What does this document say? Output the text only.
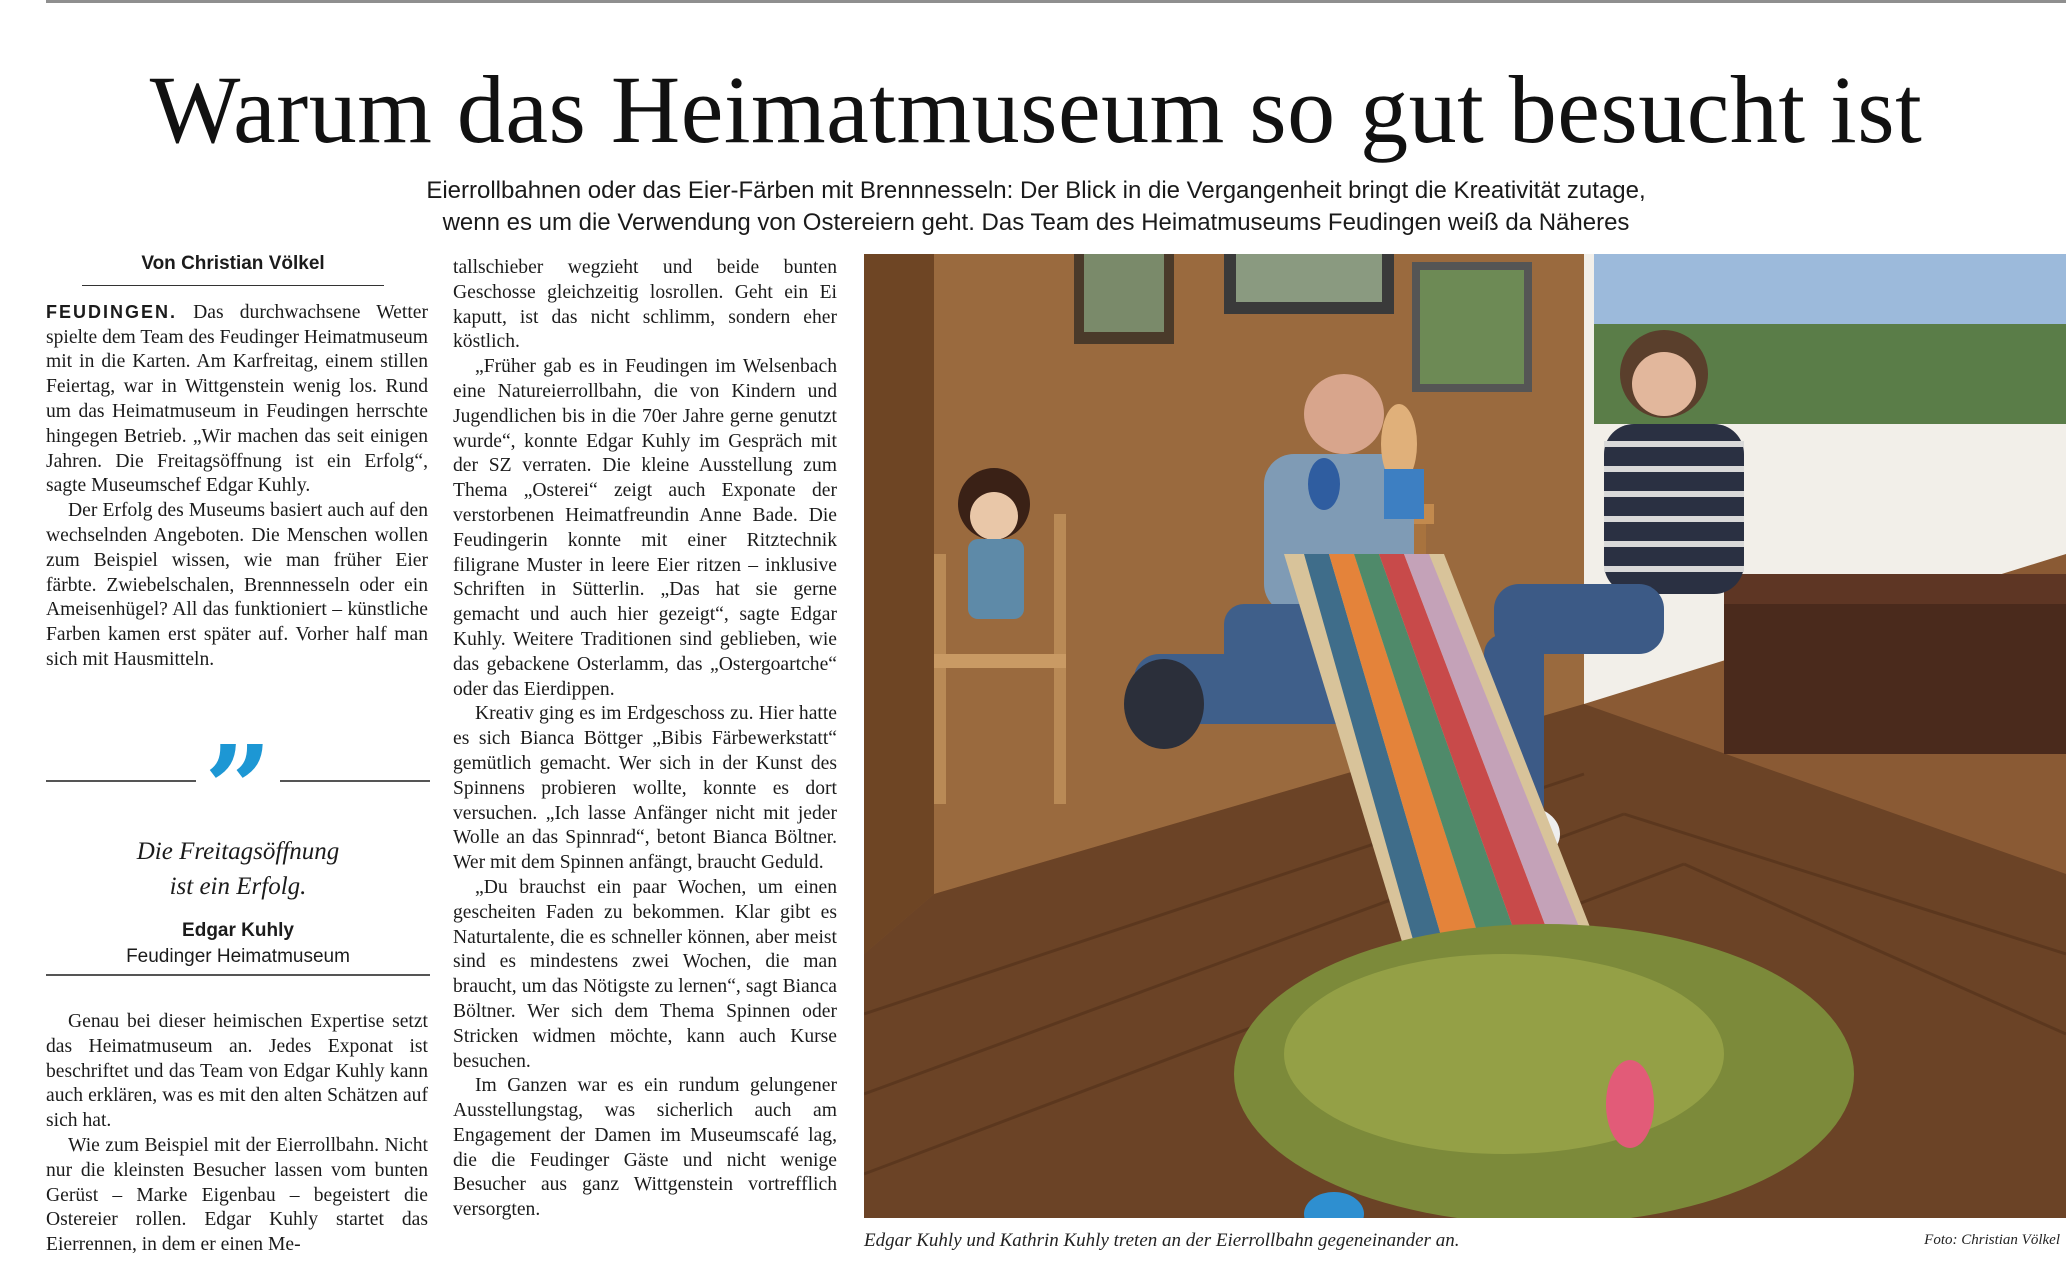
Warum das Heimatmuseum so gut besucht ist
Eierrollbahnen oder das Eier-Färben mit Brennnesseln: Der Blick in die Vergangenheit bringt die Kreativität zutage,
wenn es um die Verwendung von Ostereiern geht. Das Team des Heimatmuseums Feudingen weiß da Näheres
Von Christian Völkel

FEUDINGEN. Das durchwachsene Wetter spielte dem Team des Feudinger Heimatmuseum mit in die Karten. Am Karfreitag, einem stillen Feiertag, war in Wittgenstein wenig los. Rund um das Heimatmuseum in Feudingen herrschte hingegen Betrieb. „Wir machen das seit einigen Jahren. Die Freitagsöffnung ist ein Erfolg“, sagte Museumschef Edgar Kuhly.

Der Erfolg des Museums basiert auch auf den wechselnden Angeboten. Die Menschen wollen zum Beispiel wissen, wie man früher Eier färbte. Zwiebelschalen, Brennnesseln oder ein Ameisenhügel? All das funktioniert – künstliche Farben kamen erst später auf. Vorher half man sich mit Hausmitteln.

”
Die Freitagsöffnung
ist ein Erfolg.
Edgar Kuhly
Feudinger Heimatmuseum

Genau bei dieser heimischen Expertise setzt das Heimatmuseum an. Jedes Exponat ist beschriftet und das Team von Edgar Kuhly kann auch erklären, was es mit den alten Schätzen auf sich hat.

Wie zum Beispiel mit der Eierrollbahn. Nicht nur die kleinsten Besucher lassen vom bunten Gerüst – Marke Eigenbau – begeistert die Ostereier rollen. Edgar Kuhly startet das Eierrennen, in dem er einen Me-

tallschieber wegzieht und beide bunten Geschosse gleichzeitig losrollen. Geht ein Ei kaputt, ist das nicht schlimm, sondern eher köstlich.

„Früher gab es in Feudingen im Welsenbach eine Natureierrollbahn, die von Kindern und Jugendlichen bis in die 70er Jahre gerne genutzt wurde“, konnte Edgar Kuhly im Gespräch mit der SZ verraten. Die kleine Ausstellung zum Thema „Osterei“ zeigt auch Exponate der verstorbenen Heimatfreundin Anne Bade. Die Feudingerin konnte mit einer Ritztechnik filigrane Muster in leere Eier ritzen – inklusive Schriften in Sütterlin. „Das hat sie gerne gemacht und auch hier gezeigt“, sagte Edgar Kuhly. Weitere Traditionen sind geblieben, wie das gebackene Osterlamm, das „Ostergoartche“ oder das Eierdippen.

Kreativ ging es im Erdgeschoss zu. Hier hatte es sich Bianca Böttger „Bibis Färbewerkstatt“ gemütlich gemacht. Wer sich in der Kunst des Spinnens probieren wollte, konnte es dort versuchen. „Ich lasse Anfänger nicht mit jeder Wolle an das Spinnrad“, betont Bianca Böltner. Wer mit dem Spinnen anfängt, braucht Geduld.

„Du brauchst ein paar Wochen, um einen gescheiten Faden zu bekommen. Klar gibt es Naturtalente, die es schneller können, aber meist sind es mindestens zwei Wochen, die man braucht, um das Nötigste zu lernen“, sagt Bianca Böltner. Wer sich dem Thema Spinnen oder Stricken widmen möchte, kann auch Kurse besuchen.

Im Ganzen war es ein rundum gelungener Ausstellungstag, was sicherlich auch am Engagement der Damen im Museumscafé lag, die die Feudinger Gäste und nicht wenige Besucher aus ganz Wittgenstein vortrefflich versorgten.

Edgar Kuhly und Kathrin Kuhly treten an der Eierrollbahn gegeneinander an.	Foto: Christian Völkel
